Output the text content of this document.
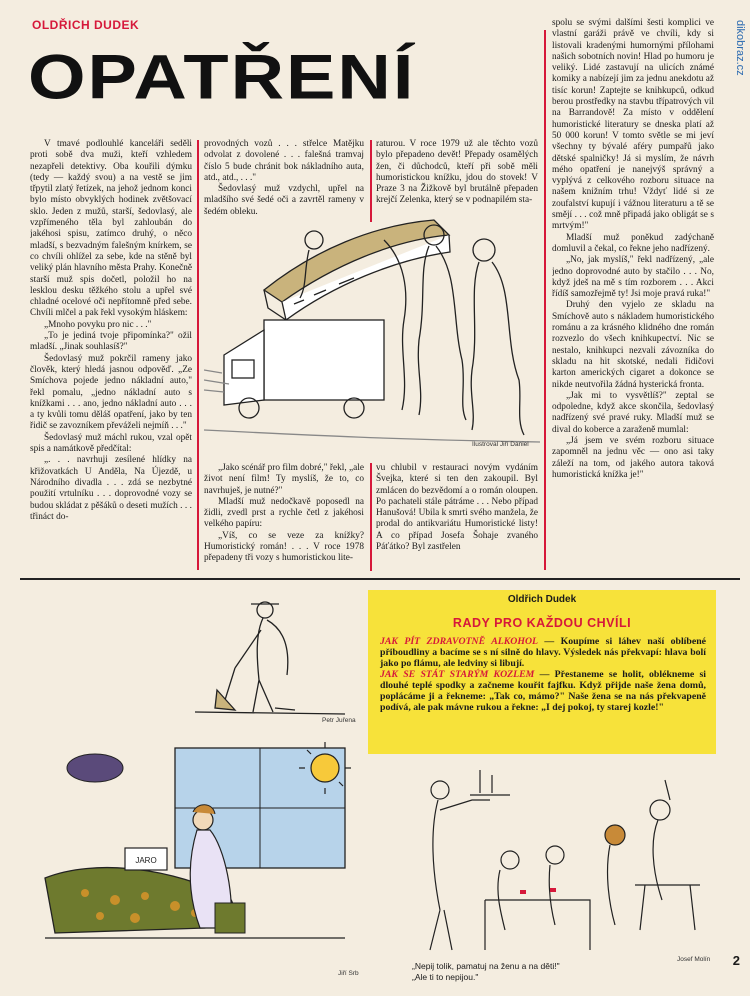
OLDŘICH DUDEK
OPATŘENÍ	dikobraz.cz

V tmavé podlouhlé kanceláři seděli proti sobě dva muži, kteří vzhledem nezapřeli detektivy. Oba kouřili dýmku (tedy — každý svou) a na vestě se jim třpytil zlatý řetízek, na jehož jednom konci bylo místo obvyklých hodinek zvětšovací sklo. Jeden z mužů, starší, šedovlasý, ale vzpřímeného těla byl zahloubán do jakéhosi spisu, zatímco druhý, o něco mladší, s bezvadným falešným knírkem, se co chvíli ohlížel za sebe, kde na stěně byl veliký plán hlavního města Prahy. Konečně starší muž spis dočetl, položil ho na lesklou desku těžkého stolu a upřel své chladné ocelové oči nepřítomně před sebe. Chvíli mlčel a pak řekl vysokým hláskem:

„Mnoho povyku pro nic . . ."

„To je jediná tvoje připomínka?" ožil mladší. „Jinak souhlasíš?"

Šedovlasý muž pokrčil rameny jako člověk, který hledá jasnou odpověď. „Ze Smíchova pojede jedno nákladní auto," řekl pomalu, „jedno nákladní auto s knížkami . . . ano, jedno nákladní auto . . . a ty kvůli tomu děláš opatření, jako by ten řidič se zavozníkem převáželi nejmíň . . ."

Šedovlasý muž máchl rukou, vzal opět spis a namátkově předčítal:

„. . . navrhuji zesílené hlídky na křižovatkách U Anděla, Na Újezdě, u Národního divadla . . . zdá se nezbytné použití vrtulníku . . . doprovodné vozy se budou skládat z pěšáků o deseti mužích . . . třináct do-

provodných vozů . . . střelce Matějku odvolat z dovolené . . . falešná tramvaj číslo 5 bude chránit bok nákladního auta, atd., atd., . . ."

Šedovlasý muž vzdychl, upřel na mladšího své šedé oči a zavrtěl rameny v šedém obleku.

raturou. V roce 1979 už ale těchto vozů bylo přepadeno devět! Přepady osamělých žen, či důchodců, kteří při sobě měli humoristickou knížku, jdou do stovek! V Praze 3 na Žižkově byl brutálně přepaden krejčí Zelenka, který se v podnapilém sta-

Ilustroval Jiří Daniel

„Jako scénář pro film dobré," řekl, „ale život není film! Ty myslíš, že to, co navrhuješ, je nutné?"

Mladší muž nedočkavě poposedl na židli, zvedl prst a rychle četl z jakéhosi velkého papíru:

„Víš, co se veze za knížky? Humoristický román! . . . V roce 1978 přepadeny tři vozy s humoristickou lite-

vu chlubil v restauraci novým vydáním Švejka, které si ten den zakoupil. Byl zmlácen do bezvědomí a o román oloupen. Po pachateli stále pátráme . . . Nebo případ Hanušová! Ubila k smrti svého manžela, že prodal do antikvariátu Humoristické listy! A co případ Josefa Šohaje zvaného Páťátko? Byl zastřelen

spolu se svými dalšími šesti komplici ve vlastní garáži právě ve chvíli, kdy si listovali kradenými humornými přílohami našich sobotních novin! Hlad po humoru je veliký. Lidé zastavují na ulicích známé komiky a nabízejí jim za jednu anekdotu až tisíc korun! Zaptejte se knihkupců, odkud berou prostředky na stavbu třípatrových vil na Barrandově! Za místo v oddělení humoristické literatury se dneska platí až 50 000 korun! V tomto světle se mi jeví všechny ty bývalé aféry pumpařů jako dětské spalničky! Já si myslím, že návrh mého opatření je nanejvýš správný a vyplývá z celkového rozboru situace na našem knižním trhu! Vždyť lidé si ze zoufalství kupují i vážnou literaturu a tě se smějí . . . což mně připadá jako obligát se s mrtvým!"

Mladší muž poněkud zadýchaně domluvil a čekal, co řekne jeho nadřízený.

„No, jak myslíš," řekl nadřízený, „ale jedno doprovodné auto by stačilo . . . No, když jdeš na mě s tím rozborem . . . Akci řídíš samozřejmě ty! Jsi moje pravá ruka!"

Druhý den vyjelo ze skladu na Smíchově auto s nákladem humoristického románu a za krásného klidného dne román rozvezlo do všech knihkupectví. Nic se nestalo, knihkupci nezvali závozníka do skladu na hit skotské, nedali řidičovi karton amerických cigaret a dokonce se nikde neutvořila žádná hysterická fronta.

„Jak mi to vysvětlíš?" zeptal se odpoledne, když akce skončila, šedovlasý nadřízený své pravé ruky. Mladší muž se dival do koberce a zaraženě mumlal:

„Já jsem ve svém rozboru situace zapomněl na jednu věc — ono asi taky záleží na tom, od jakého autora taková humoristická knížka je!"

Oldřich Dudek
RADY PRO KAŽDOU CHVÍLI

JAK PÍT ZDRAVOTNĚ ALKOHOL — Koupíme si láhev naší oblíbené přiboudliny a bacíme se s ní silně do hlavy. Výsledek nás překvapí: hlava bolí jako po flámu, ale ledviny si libují.

JAK SE STÁT STARÝM KOZLEM — Přestaneme se holit, oblékneme si dlouhé teplé spodky a začneme kouřit fajfku. Když přijde naše žena domů, poplácáme ji a řekneme: „Tak co, mámo?" Naše žena se na nás překvapeně podívá, ale pak mávne rukou a řekne: „I dej pokoj, ty starej kozle!"

Petr Juřena
JARO
Jiří Srb
Josef Molín
„Nepij tolik, pamatuj na ženu a na děti!"
„Ale ti to nepijou."
2
